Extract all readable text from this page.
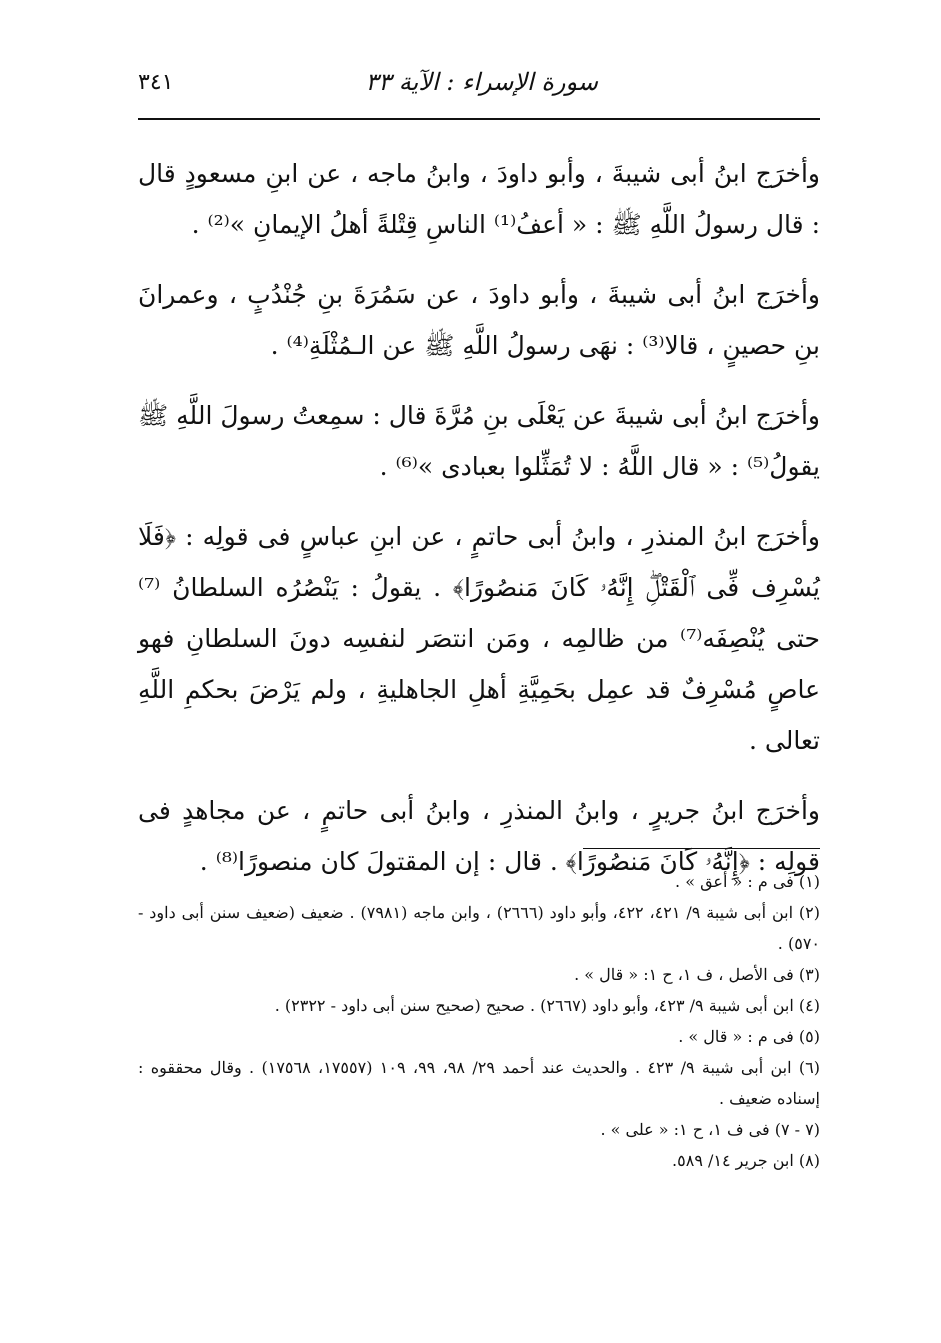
٣٤١	سورة الإسراء : الآية ٣٣

وأخرَج ابنُ أبى شيبةَ ، وأبو داودَ ، وابنُ ماجه ، عن ابنِ مسعودٍ قال : قال رسولُ اللَّهِ ﷺ : « أعفُ⁽¹⁾ الناسِ قِتْلةً أهلُ الإيمانِ »⁽²⁾ .

وأخرَج ابنُ أبى شيبةَ ، وأبو داودَ ، عن سَمُرَةَ بنِ جُنْدُبٍ ، وعمرانَ بنِ حصينٍ ، قالا⁽³⁾ : نهَى رسولُ اللَّهِ ﷺ عن الـمُثْلَةِ⁽⁴⁾ .

وأخرَج ابنُ أبى شيبةَ عن يَعْلَى بنِ مُرَّةَ قال : سمِعتُ رسولَ اللَّهِ ﷺ يقولُ⁽⁵⁾ : « قال اللَّهُ : لا تُمَثِّلوا بعبادى »⁽⁶⁾ .

وأخرَج ابنُ المنذرِ ، وابنُ أبى حاتمٍ ، عن ابنِ عباسٍ فى قولِه : ﴿فَلَا يُسْرِف فِّى ٱلْقَتْلِۖ إِنَّهُۥ كَانَ مَنصُورًا﴾ . يقولُ : يَنْصُرُه السلطانُ ⁽⁷⁾حتى يُنْصِفَه⁽⁷⁾ من ظالمِه ، ومَن انتصَر لنفسِه دونَ السلطانِ فهو عاصٍ مُسْرِفٌ قد عمِل بحَمِيَّةِ أهلِ الجاهليةِ ، ولم يَرْضَ بحكمِ اللَّهِ تعالى .

وأخرَج ابنُ جريرٍ ، وابنُ المنذرِ ، وابنُ أبى حاتمٍ ، عن مجاهدٍ فى قولِه : ﴿إِنَّهُۥ كَانَ مَنصُورًا﴾ . قال : إن المقتولَ كان منصورًا⁽⁸⁾ .

(١) فى م : « أعق » .

(٢) ابن أبى شيبة ٩/ ٤٢١، ٤٢٢، وأبو داود (٢٦٦٦) ، وابن ماجه (٧٩٨١) . ضعيف (ضعيف سنن أبى داود - ٥٧٠) .

(٣) فى الأصل ، ف ١، ح ١: « قال » .

(٤) ابن أبى شيبة ٩/ ٤٢٣، وأبو داود (٢٦٦٧) . صحيح (صحيح سنن أبى داود - ٢٣٢٢) .

(٥) فى م : « قال » .

(٦) ابن أبى شيبة ٩/ ٤٢٣ . والحديث عند أحمد ٢٩/ ٩٨، ٩٩، ١٠٩ (١٧٥٥٧، ١٧٥٦٨) . وقال محققوه : إسناده ضعيف .

(٧ - ٧) فى ف ١، ح ١: « على » .

(٨) ابن جرير ١٤/ ٥٨٩.
